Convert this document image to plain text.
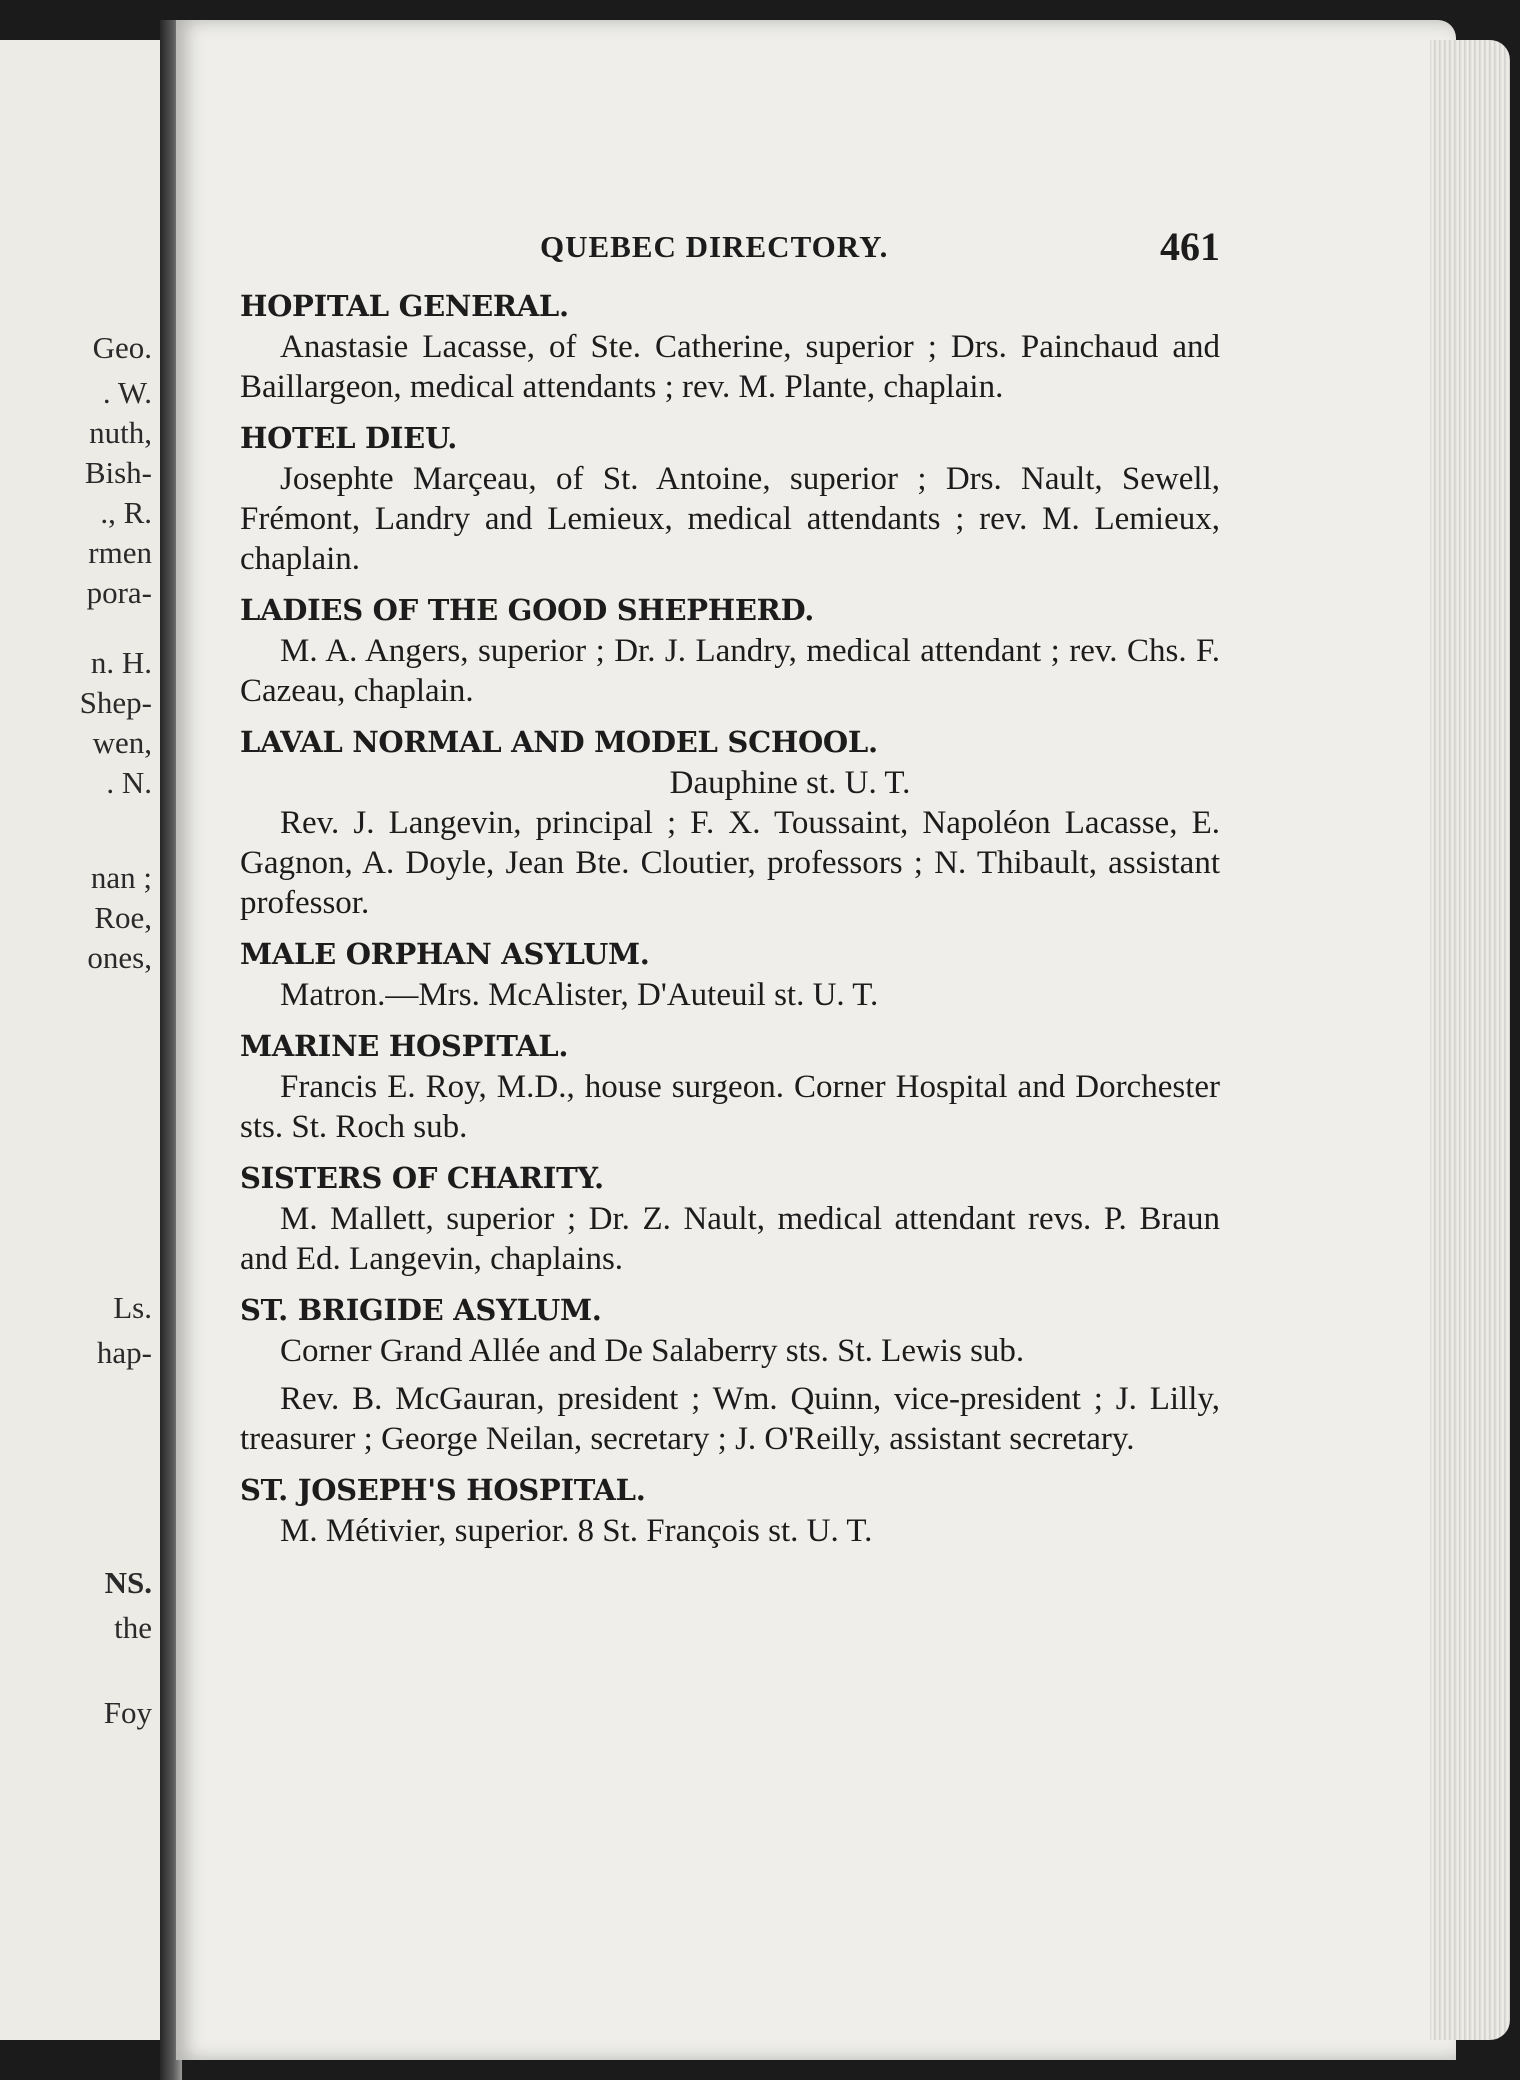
Geo.
. W.
nuth,
Bish-
., R.
rmen
pora-
n. H.
Shep-
wen,
. N.
nan ;
Roe,
ones,
Ls.
hap-
NS.
the
Foy
QUEBEC DIRECTORY.	461
HOPITAL GENERAL.

Anastasie Lacasse, of Ste. Catherine, superior ; Drs. Painchaud and Baillargeon, medical attendants ; rev. M. Plante, chaplain.

HOTEL DIEU.

Josephte Marçeau, of St. Antoine, superior ; Drs. Nault, Sewell, Frémont, Landry and Lemieux, medical attendants ; rev. M. Lemieux, chaplain.

LADIES OF THE GOOD SHEPHERD.

M. A. Angers, superior ; Dr. J. Landry, medical attendant ; rev. Chs. F. Cazeau, chaplain.

LAVAL NORMAL AND MODEL SCHOOL.

Dauphine st. U. T.

Rev. J. Langevin, principal ; F. X. Toussaint, Napoléon Lacasse, E. Gagnon, A. Doyle, Jean Bte. Cloutier, professors ; N. Thibault, assistant professor.

MALE ORPHAN ASYLUM.

Matron.—Mrs. McAlister, D'Auteuil st. U. T.

MARINE HOSPITAL.

Francis E. Roy, M.D., house surgeon. Corner Hospital and Dorchester sts. St. Roch sub.

SISTERS OF CHARITY.

M. Mallett, superior ; Dr. Z. Nault, medical attendant revs. P. Braun and Ed. Langevin, chaplains.

ST. BRIGIDE ASYLUM.

Corner Grand Allée and De Salaberry sts. St. Lewis sub.

Rev. B. McGauran, president ; Wm. Quinn, vice-president ; J. Lilly, treasurer ; George Neilan, secretary ; J. O'Reilly, assistant secretary.

ST. JOSEPH'S HOSPITAL.

M. Métivier, superior. 8 St. François st. U. T.
